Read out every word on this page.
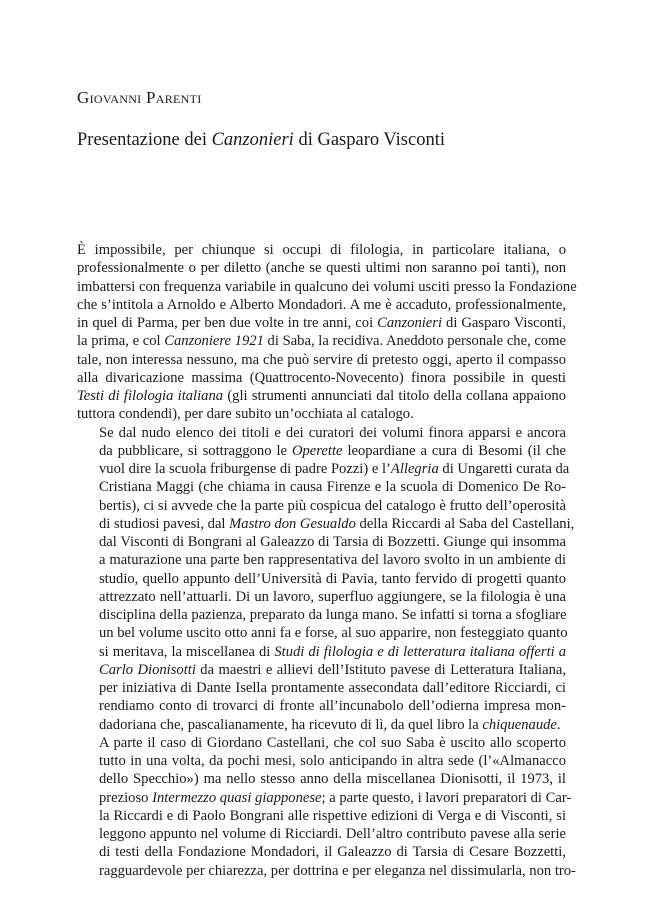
Giovanni Parenti
Presentazione dei Canzonieri di Gasparo Visconti

È impossibile, per chiunque si occupi di filologia, in particolare italiana, o
professionalmente o per diletto (anche se questi ultimi non saranno poi tanti), non
imbattersi con frequenza variabile in qualcuno dei volumi usciti presso la Fondazione
che s’intitola a Arnoldo e Alberto Mondadori. A me è accaduto, professionalmente,
in quel di Parma, per ben due volte in tre anni, coi Canzonieri di Gasparo Visconti,
la prima, e col Canzoniere 1921 di Saba, la recidiva. Aneddoto personale che, come
tale, non interessa nessuno, ma che può servire di pretesto oggi, aperto il compasso
alla divaricazione massima (Quattrocento-Novecento) finora possibile in questi
Testi di filologia italiana (gli strumenti annunciati dal titolo della collana appaiono
tuttora condendi), per dare subito un’occhiata al catalogo.

Se dal nudo elenco dei titoli e dei curatori dei volumi finora apparsi e ancora
da pubblicare, si sottraggono le Operette leopardiane a cura di Besomi (il che
vuol dire la scuola friburgense di padre Pozzi) e l’Allegria di Ungaretti curata da
Cristiana Maggi (che chiama in causa Firenze e la scuola di Domenico De Ro-
bertis), ci si avvede che la parte più cospicua del catalogo è frutto dell’operosità
di studiosi pavesi, dal Mastro don Gesualdo della Riccardi al Saba del Castellani,
dal Visconti di Bongrani al Galeazzo di Tarsia di Bozzetti. Giunge qui insomma
a maturazione una parte ben rappresentativa del lavoro svolto in un ambiente di
studio, quello appunto dell’Università di Pavia, tanto fervido di progetti quanto
attrezzato nell’attuarli. Di un lavoro, superfluo aggiungere, se la filologia è una
disciplina della pazienza, preparato da lunga mano. Se infatti si torna a sfogliare
un bel volume uscito otto anni fa e forse, al suo apparire, non festeggiato quanto
si meritava, la miscellanea di Studi di filologia e di letteratura italiana offerti a
Carlo Dionisotti da maestri e allievi dell’Istituto pavese di Letteratura Italiana,
per iniziativa di Dante Isella prontamente assecondata dall’editore Ricciardi, ci
rendiamo conto di trovarci di fronte all’incunabolo dell’odierna impresa mon-
dadoriana che, pascalianamente, ha ricevuto di lì, da quel libro la chiquenaude.

A parte il caso di Giordano Castellani, che col suo Saba è uscito allo scoperto
tutto in una volta, da pochi mesi, solo anticipando in altra sede (l’«Almanacco
dello Specchio») ma nello stesso anno della miscellanea Dionisotti, il 1973, il
prezioso Intermezzo quasi giapponese; a parte questo, i lavori preparatori di Car-
la Riccardi e di Paolo Bongrani alle rispettive edizioni di Verga e di Visconti, si
leggono appunto nel volume di Ricciardi. Dell’altro contributo pavese alla serie
di testi della Fondazione Mondadori, il Galeazzo di Tarsia di Cesare Bozzetti,
ragguardevole per chiarezza, per dottrina e per eleganza nel dissimularla, non tro-
